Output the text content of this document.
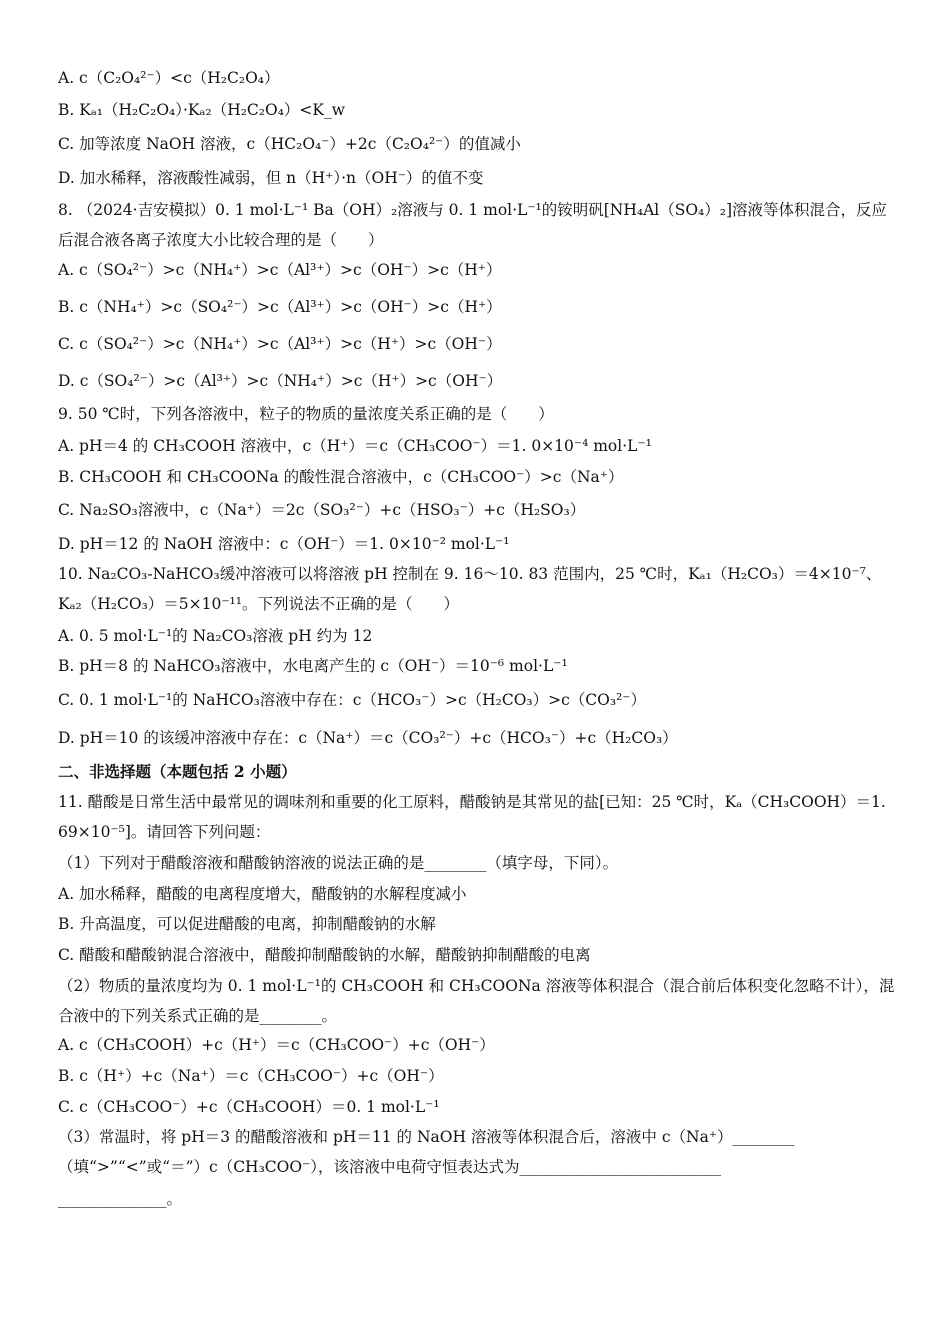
A. c（C₂O₄²⁻）<c（H₂C₂O₄）
B. Kₐ₁（H₂C₂O₄）·Kₐ₂（H₂C₂O₄）<K_w
C. 加等浓度 NaOH 溶液，c（HC₂O₄⁻）+2c（C₂O₄²⁻）的值减小
D. 加水稀释，溶液酸性减弱，但 n（H⁺）·n（OH⁻）的值不变
8. （2024·吉安模拟）0. 1 mol·L⁻¹ Ba（OH）₂溶液与 0. 1 mol·L⁻¹的铵明矾[NH₄Al（SO₄）₂]溶液等体积混合，反应后混合液各离子浓度大小比较合理的是（　　）
A. c（SO₄²⁻）>c（NH₄⁺）>c（Al³⁺）>c（OH⁻）>c（H⁺）
B. c（NH₄⁺）>c（SO₄²⁻）>c（Al³⁺）>c（OH⁻）>c（H⁺）
C. c（SO₄²⁻）>c（NH₄⁺）>c（Al³⁺）>c（H⁺）>c（OH⁻）
D. c（SO₄²⁻）>c（Al³⁺）>c（NH₄⁺）>c（H⁺）>c（OH⁻）
9. 50 ℃时，下列各溶液中，粒子的物质的量浓度关系正确的是（　　）
A. pH＝4 的 CH₃COOH 溶液中，c（H⁺）＝c（CH₃COO⁻）＝1. 0×10⁻⁴ mol·L⁻¹
B. CH₃COOH 和 CH₃COONa 的酸性混合溶液中，c（CH₃COO⁻）>c（Na⁺）
C. Na₂SO₃溶液中，c（Na⁺）＝2c（SO₃²⁻）+c（HSO₃⁻）+c（H₂SO₃）
D. pH＝12 的 NaOH 溶液中：c（OH⁻）＝1. 0×10⁻² mol·L⁻¹
10. Na₂CO₃-NaHCO₃缓冲溶液可以将溶液 pH 控制在 9. 16～10. 83 范围内，25 ℃时，Kₐ₁（H₂CO₃）＝4×10⁻⁷、Kₐ₂（H₂CO₃）＝5×10⁻¹¹。下列说法不正确的是（　　）
A. 0. 5 mol·L⁻¹的 Na₂CO₃溶液 pH 约为 12
B. pH＝8 的 NaHCO₃溶液中，水电离产生的 c（OH⁻）＝10⁻⁶ mol·L⁻¹
C. 0. 1 mol·L⁻¹的 NaHCO₃溶液中存在：c（HCO₃⁻）>c（H₂CO₃）>c（CO₃²⁻）
D. pH＝10 的该缓冲溶液中存在：c（Na⁺）＝c（CO₃²⁻）+c（HCO₃⁻）+c（H₂CO₃）
二、非选择题（本题包括 2 小题）
11. 醋酸是日常生活中最常见的调味剂和重要的化工原料，醋酸钠是其常见的盐[已知：25 ℃时，Kₐ（CH₃COOH）＝1. 69×10⁻⁵]。请回答下列问题：
（1）下列对于醋酸溶液和醋酸钠溶液的说法正确的是________（填字母，下同）。
A. 加水稀释，醋酸的电离程度增大，醋酸钠的水解程度减小
B. 升高温度，可以促进醋酸的电离，抑制醋酸钠的水解
C. 醋酸和醋酸钠混合溶液中，醋酸抑制醋酸钠的水解，醋酸钠抑制醋酸的电离
（2）物质的量浓度均为 0. 1 mol·L⁻¹的 CH₃COOH 和 CH₃COONa 溶液等体积混合（混合前后体积变化忽略不计），混合液中的下列关系式正确的是________。
A. c（CH₃COOH）+c（H⁺）＝c（CH₃COO⁻）+c（OH⁻）
B. c（H⁺）+c（Na⁺）＝c（CH₃COO⁻）+c（OH⁻）
C. c（CH₃COO⁻）+c（CH₃COOH）＝0. 1 mol·L⁻¹
（3）常温时，将 pH＝3 的醋酸溶液和 pH＝11 的 NaOH 溶液等体积混合后，溶液中 c（Na⁺）________（填“>”“<”或“＝”）c（CH₃COO⁻），该溶液中电荷守恒表达式为__________________________
______________。
